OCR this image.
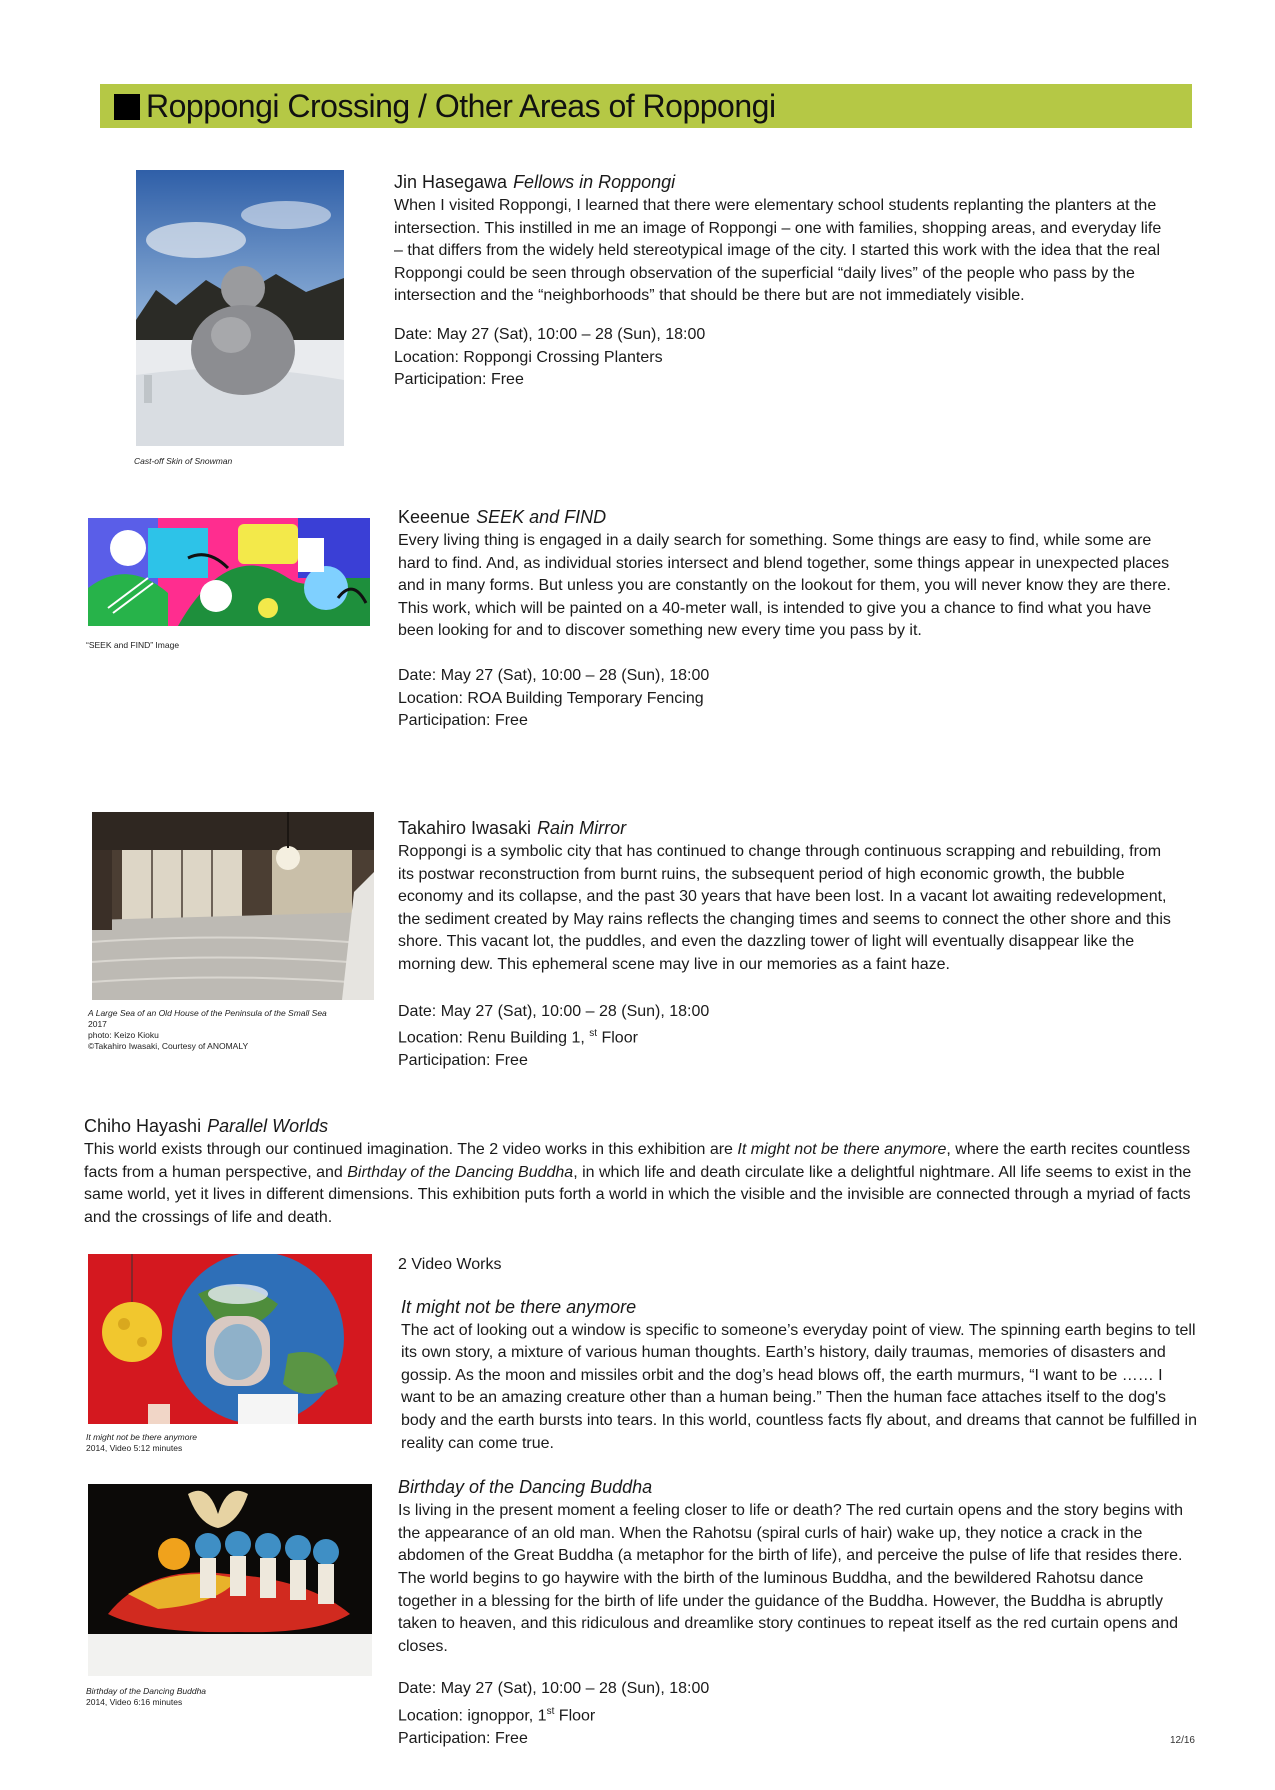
Roppongi Crossing / Other Areas of Roppongi
Cast-off Skin of Snowman
Jin Hasegawa Fellows in Roppongi

When I visited Roppongi, I learned that there were elementary school students replanting the planters at the intersection. This instilled in me an image of Roppongi – one with families, shopping areas, and everyday life – that differs from the widely held stereotypical image of the city. I started this work with the idea that the real Roppongi could be seen through observation of the superficial “daily lives” of the people who pass by the intersection and the “neighborhoods” that should be there but are not immediately visible.

Date: May 27 (Sat), 10:00 – 28 (Sun), 18:00
Location: Roppongi Crossing Planters
Participation: Free
“SEEK and FIND” Image
Keeenue SEEK and FIND

Every living thing is engaged in a daily search for something. Some things are easy to find, while some are hard to find. And, as individual stories intersect and blend together, some things appear in unexpected places and in many forms. But unless you are constantly on the lookout for them, you will never know they are there. This work, which will be painted on a 40-meter wall, is intended to give you a chance to find what you have been looking for and to discover something new every time you pass by it.

Date: May 27 (Sat), 10:00 – 28 (Sun), 18:00
Location: ROA Building Temporary Fencing
Participation: Free
A Large Sea of an Old House of the Peninsula of the Small Sea
2017
photo: Keizo Kioku
©Takahiro Iwasaki, Courtesy of ANOMALY
Takahiro Iwasaki Rain Mirror

Roppongi is a symbolic city that has continued to change through continuous scrapping and rebuilding, from its postwar reconstruction from burnt ruins, the subsequent period of high economic growth, the bubble economy and its collapse, and the past 30 years that have been lost. In a vacant lot awaiting redevelopment, the sediment created by May rains reflects the changing times and seems to connect the other shore and this shore. This vacant lot, the puddles, and even the dazzling tower of light will eventually disappear like the morning dew. This ephemeral scene may live in our memories as a faint haze.

Date: May 27 (Sat), 10:00 – 28 (Sun), 18:00
Location: Renu Building 1, $^{st}$ Floor
Participation: Free
Chiho Hayashi Parallel Worlds

This world exists through our continued imagination. The 2 video works in this exhibition are It might not be there anymore, where the earth recites countless facts from a human perspective, and Birthday of the Dancing Buddha, in which life and death circulate like a delightful nightmare. All life seems to exist in the same world, yet it lives in different dimensions. This exhibition puts forth a world in which the visible and the invisible are connected through a myriad of facts and the crossings of life and death.

It might not be there anymore
2014, Video 5:12 minutes
Birthday of the Dancing Buddha
2014, Video 6:16 minutes
2 Video Works
It might not be there anymore

The act of looking out a window is specific to someone’s everyday point of view. The spinning earth begins to tell its own story, a mixture of various human thoughts. Earth’s history, daily traumas, memories of disasters and gossip. As the moon and missiles orbit and the dog’s head blows off, the earth murmurs, “I want to be …… I want to be an amazing creature other than a human being.” Then the human face attaches itself to the dog's body and the earth bursts into tears. In this world, countless facts fly about, and dreams that cannot be fulfilled in reality can come true.

Birthday of the Dancing Buddha

Is living in the present moment a feeling closer to life or death? The red curtain opens and the story begins with the appearance of an old man. When the Rahotsu (spiral curls of hair) wake up, they notice a crack in the abdomen of the Great Buddha (a metaphor for the birth of life), and perceive the pulse of life that resides there. The world begins to go haywire with the birth of the luminous Buddha, and the bewildered Rahotsu dance together in a blessing for the birth of life under the guidance of the Buddha. However, the Buddha is abruptly taken to heaven, and this ridiculous and dreamlike story continues to repeat itself as the red curtain opens and closes.

Date: May 27 (Sat), 10:00 – 28 (Sun), 18:00
Location: ignoppor, 1st Floor
Participation: Free	12/16
